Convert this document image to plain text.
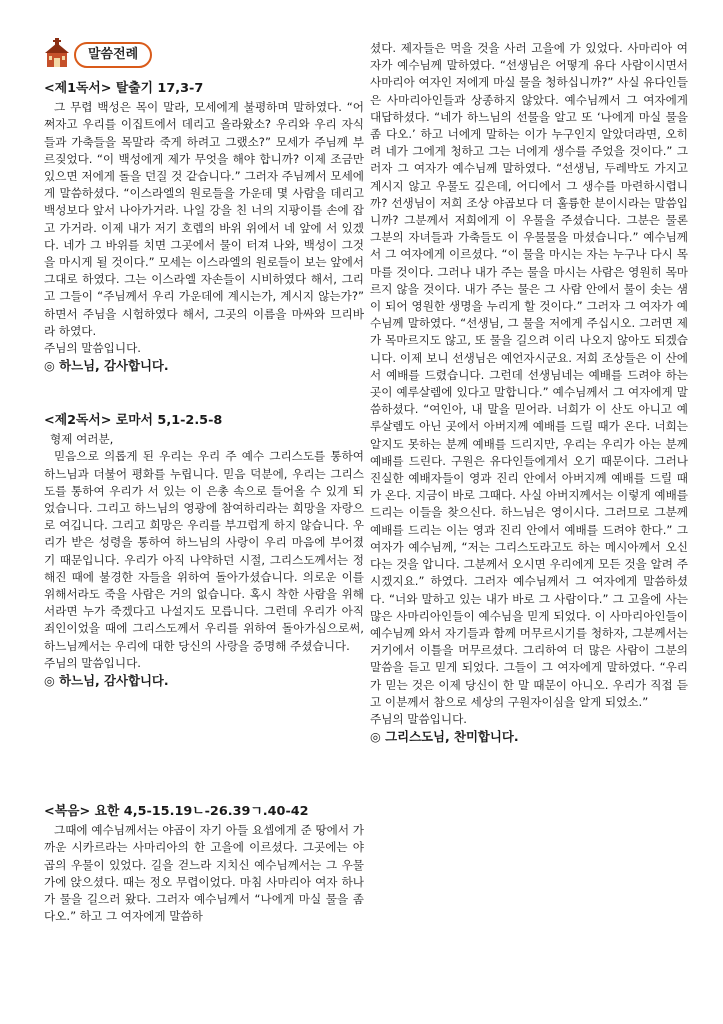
말씀전례
<제1독서> 탈출기 17,3-7

그 무렵 백성은 목이 말라, 모세에게 불평하며 말하였다. “어쩌자고 우리를 이집트에서 데리고 올라왔소? 우리와 우리 자식들과 가축들을 목말라 죽게 하려고 그랬소?” 모세가 주님께 부르짖었다. “이 백성에게 제가 무엇을 해야 합니까? 이제 조금만 있으면 저에게 돌을 던질 것 같습니다.” 그러자 주님께서 모세에게 말씀하셨다. “이스라엘의 원로들을 가운데 몇 사람을 데리고 백성보다 앞서 나아가거라. 나일 강을 친 너의 지팡이를 손에 잡고 가거라. 이제 내가 저기 호렙의 바위 위에서 네 앞에 서 있겠다. 네가 그 바위를 치면 그곳에서 물이 터져 나와, 백성이 그것을 마시게 될 것이다.” 모세는 이스라엘의 원로들이 보는 앞에서 그대로 하였다. 그는 이스라엘 자손들이 시비하였다 해서, 그리고 그들이 “주님께서 우리 가운데에 계시는가, 계시지 않는가?” 하면서 주님을 시험하였다 해서, 그곳의 이름을 마싸와 므리바라 하였다.

주님의 말씀입니다.

◎ 하느님, 감사합니다.

<제2독서> 로마서 5,1-2.5-8

형제 여러분,

믿음으로 의롭게 된 우리는 우리 주 예수 그리스도를 통하여 하느님과 더불어 평화를 누립니다. 믿음 덕분에, 우리는 그리스도를 통하여 우리가 서 있는 이 은총 속으로 들어올 수 있게 되었습니다. 그리고 하느님의 영광에 참여하리라는 희망을 자랑으로 여깁니다. 그리고 희망은 우리를 부끄럽게 하지 않습니다. 우리가 받은 성령을 통하여 하느님의 사랑이 우리 마음에 부어졌기 때문입니다. 우리가 아직 나약하던 시절, 그리스도께서는 정해진 때에 불경한 자들을 위하여 돌아가셨습니다. 의로운 이를 위해서라도 죽을 사람은 거의 없습니다. 혹시 착한 사람을 위해서라면 누가 죽겠다고 나설지도 모릅니다. 그런데 우리가 아직 죄인이었을 때에 그리스도께서 우리를 위하여 돌아가심으로써, 하느님께서는 우리에 대한 당신의 사랑을 증명해 주셨습니다.

주님의 말씀입니다.

◎ 하느님, 감사합니다.

<복음> 요한 4,5-15.19ㄴ-26.39ㄱ.40-42

그때에 예수님께서는 야곱이 자기 아들 요셉에게 준 땅에서 가까운 시카르라는 사마리아의 한 고을에 이르셨다. 그곳에는 야곱의 우물이 있었다. 길을 걷느라 지치신 예수님께서는 그 우물가에 앉으셨다. 때는 정오 무렵이었다. 마침 사마리아 여자 하나가 물을 길으러 왔다. 그러자 예수님께서 “나에게 마실 물을 좀 다오.” 하고 그 여자에게 말씀하

셨다. 제자들은 먹을 것을 사러 고을에 가 있었다. 사마리아 여자가 예수님께 말하였다. “선생님은 어떻게 유다 사람이시면서 사마리아 여자인 저에게 마실 물을 청하십니까?” 사실 유다인들은 사마리아인들과 상종하지 않았다. 예수님께서 그 여자에게 대답하셨다. “네가 하느님의 선물을 알고 또 ‘나에게 마실 물을 좀 다오.’ 하고 너에게 말하는 이가 누구인지 알았더라면, 오히려 네가 그에게 청하고 그는 너에게 생수를 주었을 것이다.” 그러자 그 여자가 예수님께 말하였다. “선생님, 두레박도 가지고 계시지 않고 우물도 깊은데, 어디에서 그 생수를 마련하시렵니까? 선생님이 저희 조상 야곱보다 더 훌륭한 분이시라는 말씀입니까? 그분께서 저희에게 이 우물을 주셨습니다. 그분은 물론 그분의 자녀들과 가축들도 이 우물물을 마셨습니다.” 예수님께서 그 여자에게 이르셨다. “이 물을 마시는 자는 누구나 다시 목마를 것이다. 그러나 내가 주는 물을 마시는 사람은 영원히 목마르지 않을 것이다. 내가 주는 물은 그 사람 안에서 물이 솟는 샘이 되어 영원한 생명을 누리게 할 것이다.” 그러자 그 여자가 예수님께 말하였다. “선생님, 그 물을 저에게 주십시오. 그러면 제가 목마르지도 않고, 또 물을 길으려 이리 나오지 않아도 되겠습니다. 이제 보니 선생님은 예언자시군요. 저희 조상들은 이 산에서 예배를 드렸습니다. 그런데 선생님네는 예배를 드려야 하는 곳이 예루살렘에 있다고 말합니다.” 예수님께서 그 여자에게 말씀하셨다. “여인아, 내 말을 믿어라. 너희가 이 산도 아니고 예루살렘도 아닌 곳에서 아버지께 예배를 드릴 때가 온다. 너희는 알지도 못하는 분께 예배를 드리지만, 우리는 우리가 아는 분께 예배를 드린다. 구원은 유다인들에게서 오기 때문이다. 그러나 진실한 예배자들이 영과 진리 안에서 아버지께 예배를 드릴 때가 온다. 지금이 바로 그때다. 사실 아버지께서는 이렇게 예배를 드리는 이들을 찾으신다. 하느님은 영이시다. 그러므로 그분께 예배를 드리는 이는 영과 진리 안에서 예배를 드려야 한다.” 그 여자가 예수님께, “저는 그리스도라고도 하는 메시아께서 오신다는 것을 압니다. 그분께서 오시면 우리에게 모든 것을 알려 주시겠지요.” 하였다. 그러자 예수님께서 그 여자에게 말씀하셨다. “너와 말하고 있는 내가 바로 그 사람이다.” 그 고을에 사는 많은 사마리아인들이 예수님을 믿게 되었다. 이 사마리아인들이 예수님께 와서 자기들과 함께 머무르시기를 청하자, 그분께서는 거기에서 이틀을 머무르셨다. 그리하여 더 많은 사람이 그분의 말씀을 듣고 믿게 되었다. 그들이 그 여자에게 말하였다. “우리가 믿는 것은 이제 당신이 한 말 때문이 아니오. 우리가 직접 듣고 이분께서 참으로 세상의 구원자이심을 알게 되었소.”

주님의 말씀입니다.

◎ 그리스도님, 찬미합니다.
